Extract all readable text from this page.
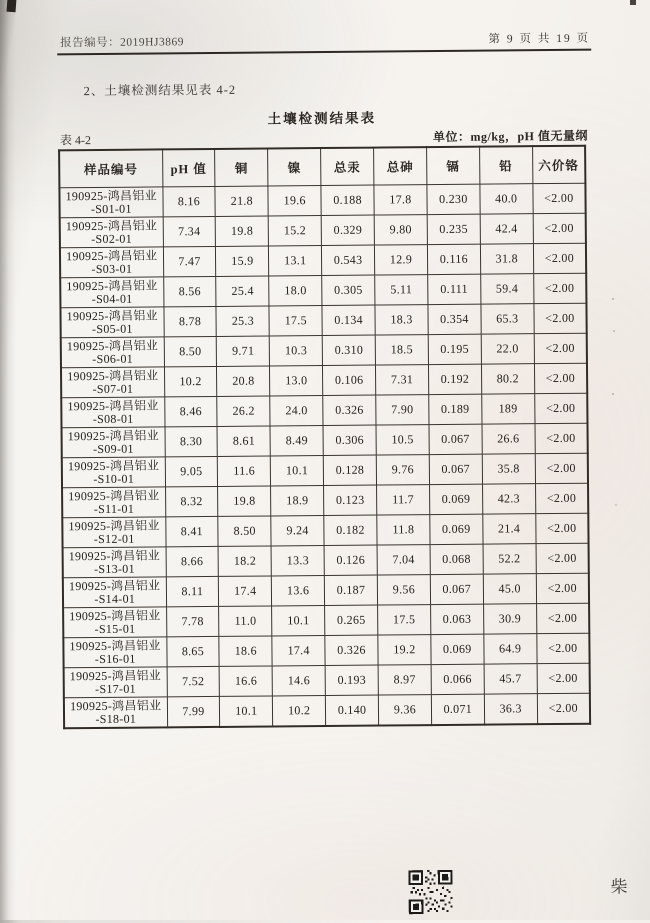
报告编号：2019HJ3869	第 9 页 共 19 页
2、土壤检测结果见表 4-2
土壤检测结果表
表 4-2	单位：mg/kg，pH 值无量纲
样品编号	pH 值	铜	镍	总汞	总砷	镉	铅	六价铬

190925-鸿昌铝业
-S01-01	8.16	21.8	19.6	0.188	17.8	0.230	40.0	<2.00

190925-鸿昌铝业
-S02-01	7.34	19.8	15.2	0.329	9.80	0.235	42.4	<2.00

190925-鸿昌铝业
-S03-01	7.47	15.9	13.1	0.543	12.9	0.116	31.8	<2.00

190925-鸿昌铝业
-S04-01	8.56	25.4	18.0	0.305	5.11	0.111	59.4	<2.00

190925-鸿昌铝业
-S05-01	8.78	25.3	17.5	0.134	18.3	0.354	65.3	<2.00

190925-鸿昌铝业
-S06-01	8.50	9.71	10.3	0.310	18.5	0.195	22.0	<2.00

190925-鸿昌铝业
-S07-01	10.2	20.8	13.0	0.106	7.31	0.192	80.2	<2.00

190925-鸿昌铝业
-S08-01	8.46	26.2	24.0	0.326	7.90	0.189	189	<2.00

190925-鸿昌铝业
-S09-01	8.30	8.61	8.49	0.306	10.5	0.067	26.6	<2.00

190925-鸿昌铝业
-S10-01	9.05	11.6	10.1	0.128	9.76	0.067	35.8	<2.00

190925-鸿昌铝业
-S11-01	8.32	19.8	18.9	0.123	11.7	0.069	42.3	<2.00

190925-鸿昌铝业
-S12-01	8.41	8.50	9.24	0.182	11.8	0.069	21.4	<2.00

190925-鸿昌铝业
-S13-01	8.66	18.2	13.3	0.126	7.04	0.068	52.2	<2.00

190925-鸿昌铝业
-S14-01	8.11	17.4	13.6	0.187	9.56	0.067	45.0	<2.00

190925-鸿昌铝业
-S15-01	7.78	11.0	10.1	0.265	17.5	0.063	30.9	<2.00

190925-鸿昌铝业
-S16-01	8.65	18.6	17.4	0.326	19.2	0.069	64.9	<2.00

190925-鸿昌铝业
-S17-01	7.52	16.6	14.6	0.193	8.97	0.066	45.7	<2.00

190925-鸿昌铝业
-S18-01	7.99	10.1	10.2	0.140	9.36	0.071	36.3	<2.00
柴
